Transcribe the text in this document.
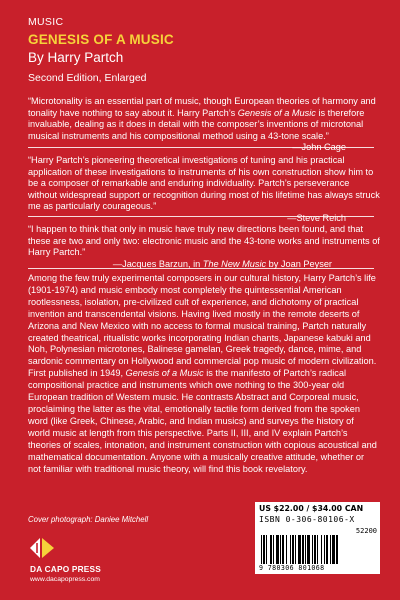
MUSIC
GENESIS OF A MUSIC
By Harry Partch
Second Edition, Enlarged

“Microtonality is an essential part of music, though European theories of harmony and tonality have nothing to say about it. Harry Partch’s Genesis of a Music is therefore invaluable, dealing as it does in detail with the composer’s inventions of microtonal musical instruments and his compositional method using a 43-tone scale.”
—John Cage

“Harry Partch’s pioneering theoretical investigations of tuning and his practical application of these investigations to instruments of his own construction show him to be a composer of remarkable and enduring individuality. Partch’s perseverance without widespread support or recognition during most of his lifetime has always struck me as particularly courageous.”
—Steve Reich

“I happen to think that only in music have truly new directions been found, and that these are two and only two: electronic music and the 43-tone works and instruments of Harry Partch.”
—Jacques Barzun, in The New Music by Joan Peyser

Among the few truly experimental composers in our cultural history, Harry Partch’s life (1901-1974) and music embody most completely the quintessential American rootlessness, isolation, pre-civilized cult of experience, and dichotomy of practical invention and transcendental visions. Having lived mostly in the remote deserts of Arizona and New Mexico with no access to formal musical training, Partch naturally created theatrical, ritualistic works incorporating Indian chants, Japanese kabuki and Noh, Polynesian microtones, Balinese gamelan, Greek tragedy, dance, mime, and sardonic commentary on Hollywood and commercial pop music of modern civilization. First published in 1949, Genesis of a Music is the manifesto of Partch’s radical compositional practice and instruments which owe nothing to the 300-year old European tradition of Western music. He contrasts Abstract and Corporeal music, proclaiming the latter as the vital, emotionally tactile form derived from the spoken word (like Greek, Chinese, Arabic, and Indian musics) and surveys the history of world music at length from this perspective. Parts II, III, and IV explain Partch’s theories of scales, intonation, and instrument construction with copious acoustical and mathematical documentation. Anyone with a musically creative attitude, whether or not familiar with traditional music theory, will find this book revelatory.

Cover photograph: Daniee Mitchell
DA CAPO PRESS
www.dacapopress.com
US $22.00 / $34.00 CAN
ISBN 0-306-80106-X
52200
9 780306 801068
